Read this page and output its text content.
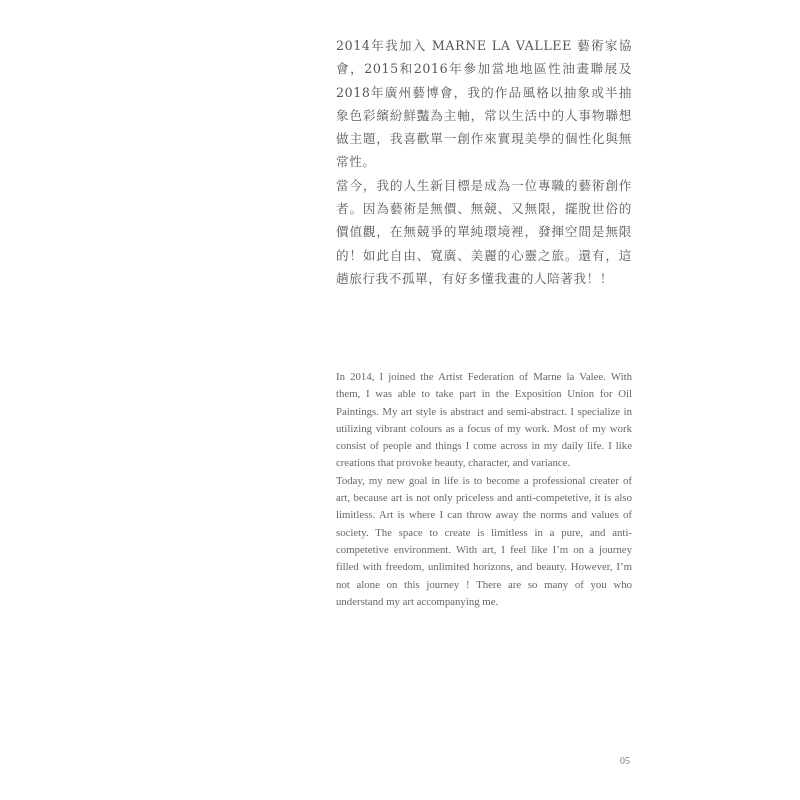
2014年我加入 MARNE LA VALLEE 藝術家協會，2015和2016年參加當地地區性油畫聯展及2018年廣州藝博會，我的作品風格以抽象或半抽象色彩繽紛鮮豔為主軸，常以生活中的人事物聯想做主題，我喜歡單一創作來實現美學的個性化與無常性。

當今，我的人生新目標是成為一位專職的藝術創作者。因為藝術是無價、無競、又無限，擺脫世俗的價值觀，在無競爭的單純環境裡，發揮空間是無限的！如此自由、寬廣、美麗的心靈之旅。還有，這趟旅行我不孤單，有好多懂我畫的人陪著我！！

In 2014, I joined the Artist Federation of Marne la Valee. With them, I was able to take part in the Exposition Union for Oil Paintings. My art style is abstract and semi-abstract. I specialize in utilizing vibrant colours as a focus of my work. Most of my work consist of people and things I come across in my daily life. I like creations that provoke beauty, character, and variance.

Today, my new goal in life is to become a professional creater of art, because art is not only priceless and anti-competetive, it is also limitless. Art is where I can throw away the norms and values of society. The space to create is limitless in a pure, and anti-competetive environment. With art, I feel like I’m on a journey filled with freedom, unlimited horizons, and beauty. However, I’m not alone on this journey ! There are so many of you who understand my art accompanying me.

05
